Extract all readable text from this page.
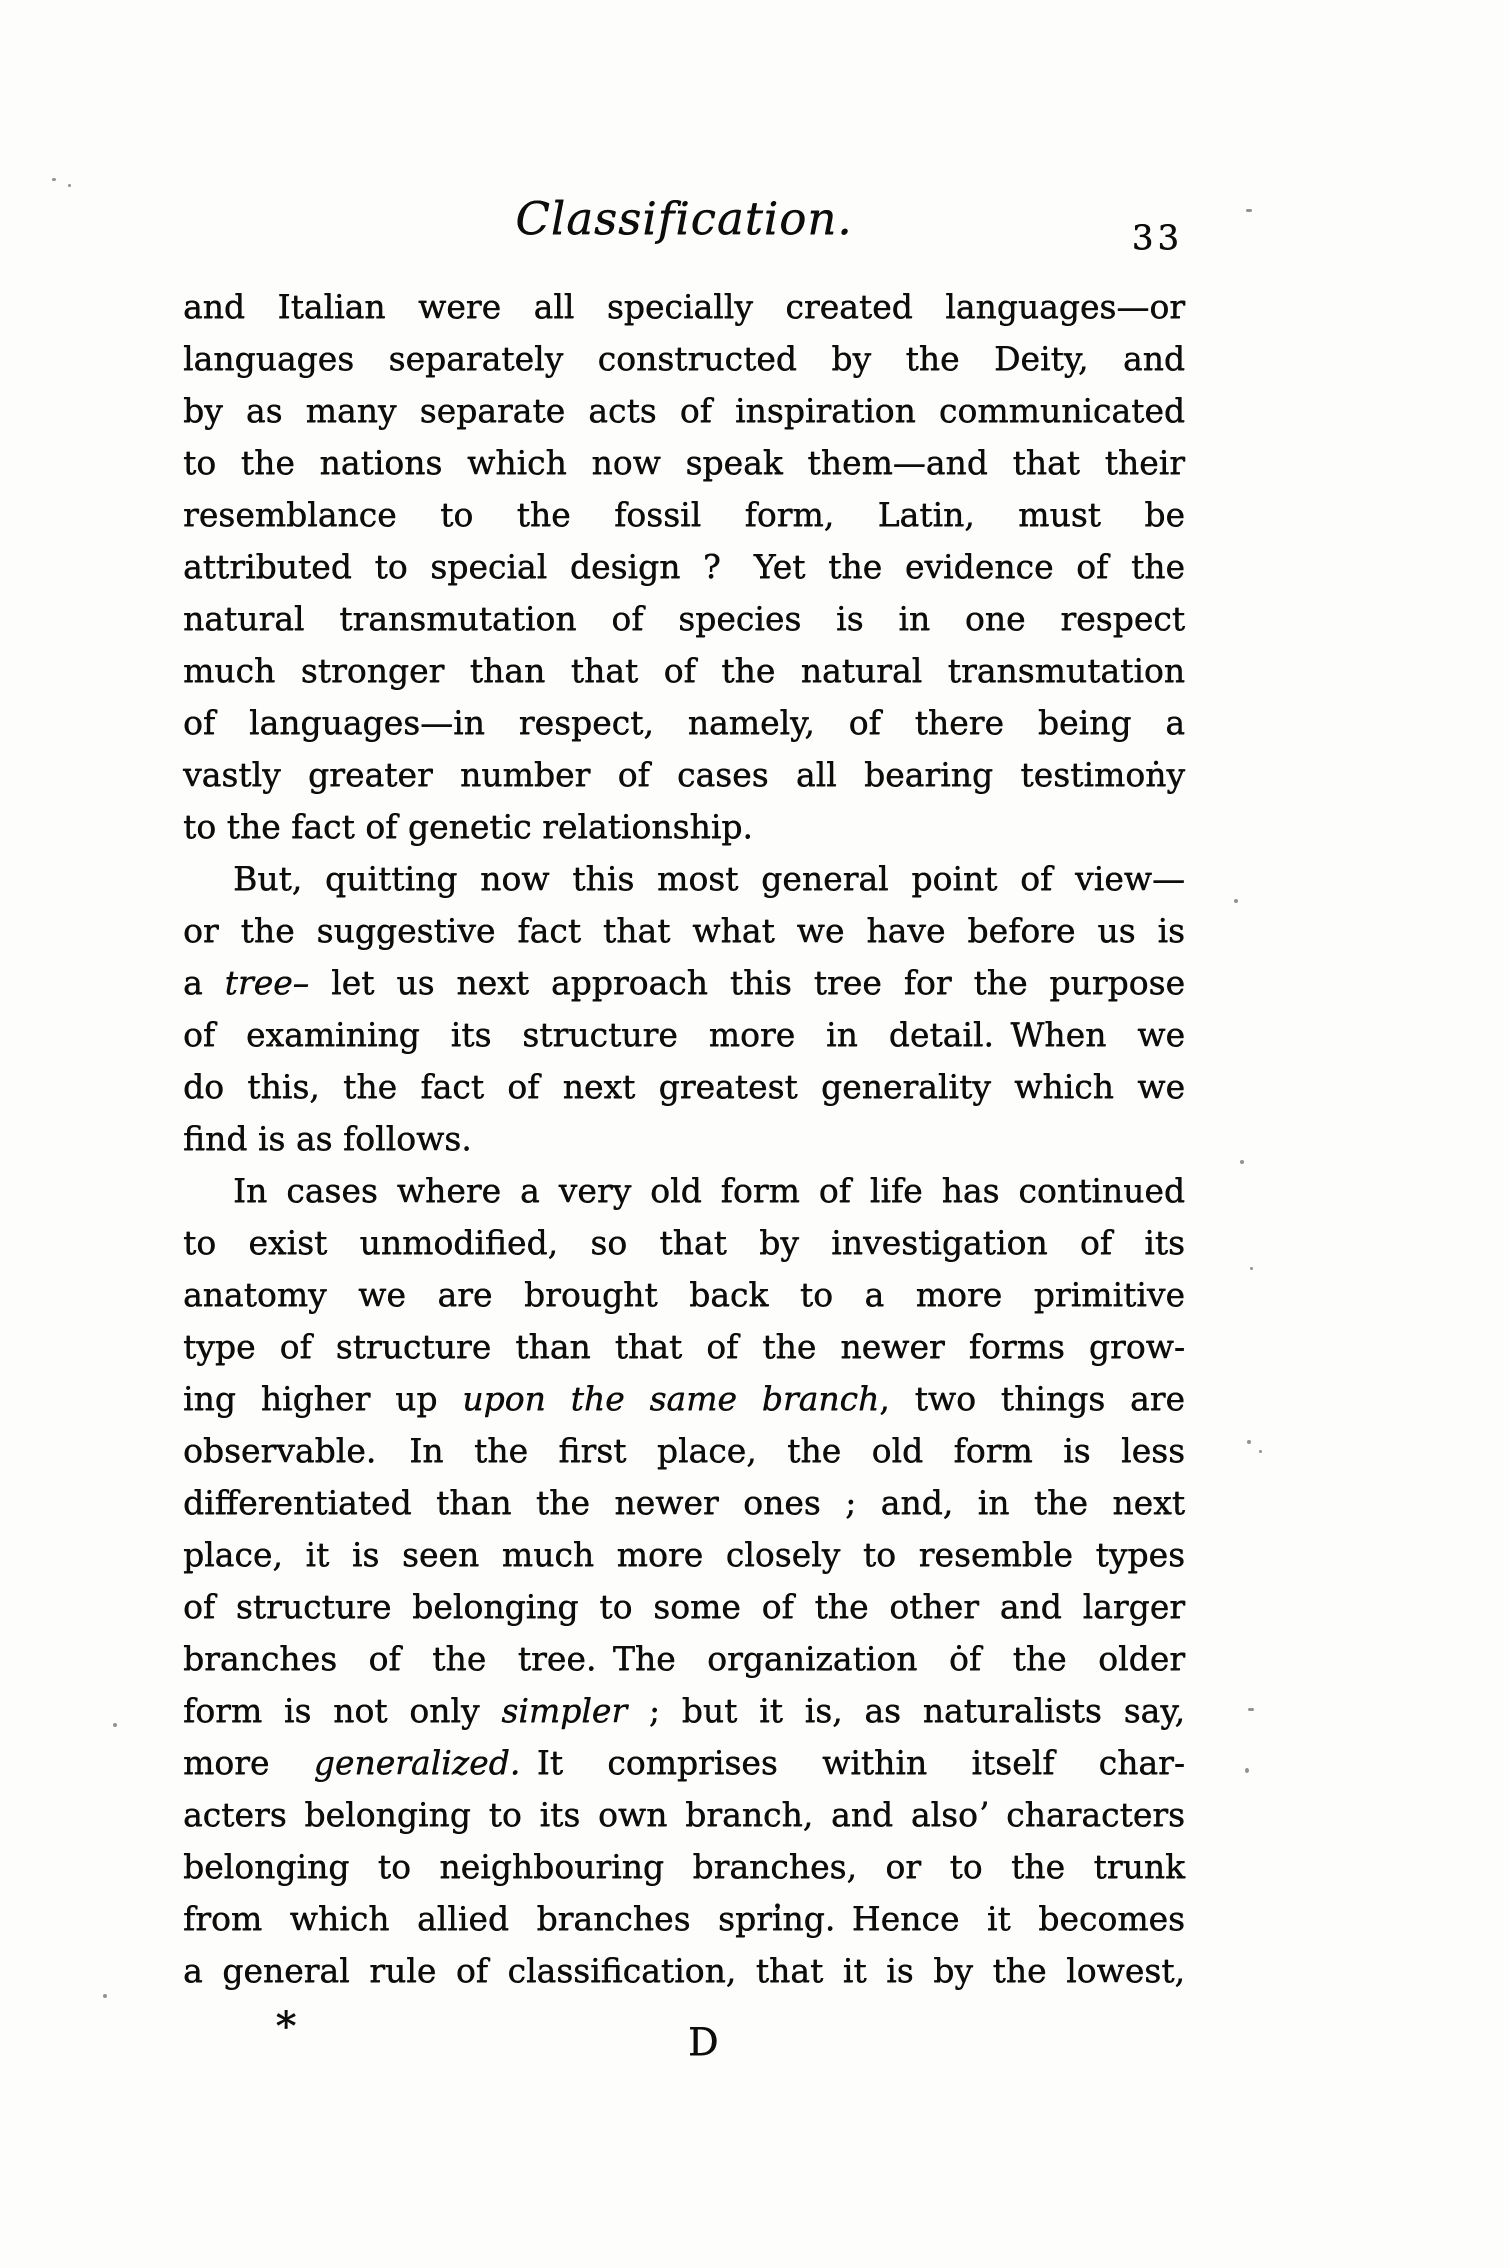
Classification.	33
and Italian were all specially created languages—or
languages separately constructed by the Deity, and
by as many separate acts of inspiration communicated
to the nations which now speak them—and that their
resemblance to the fossil form, Latin, must be
attributed to special design ? Yet the evidence of the
natural transmutation of species is in one respect
much stronger than that of the natural transmutation
of languages—in respect, namely, of there being a
vastly greater number of cases all bearing testimoṅy
to the fact of genetic relationship.
But, quitting now this most general point of view—
or the suggestive fact that what we have before us is
a tree– let us next approach this tree for the purpose
of examining its structure more in detail. When we
do this, the fact of next greatest generality which we
find is as follows.
In cases where a very old form of life has continued
to exist unmodified, so that by investigation of its
anatomy we are brought back to a more primitive
type of structure than that of the newer forms grow-
ing higher up upon the same branch, two things are
observable. In the first place, the old form is less
differentiated than the newer ones ; and, in the next
place, it is seen much more closely to resemble types
of structure belonging to some of the other and larger
branches of the tree. The organization ȯf the older
form is not only simpler ; but it is, as naturalists say,
more generalized. It comprises within itself char-
acters belonging to its own branch, and alsoʼ characters
belonging to neighbouring branches, or to the trunk
from which allied branches spri̓ng. Hence it becomes
a general rule of classification, that it is by the lowest,
*	D
